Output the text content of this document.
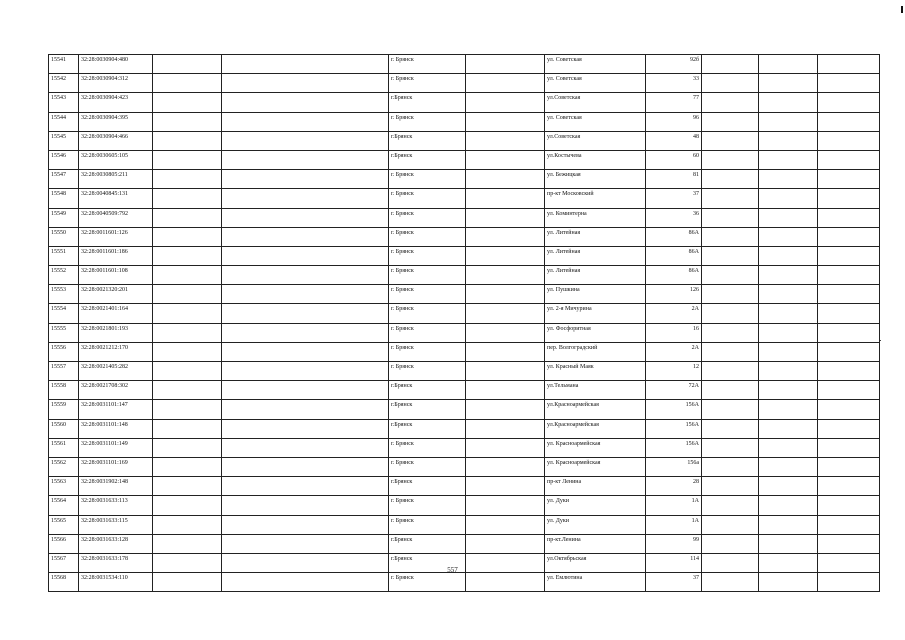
15541	32:28:0030904:480			г. Брянск		ул. Советская	92б			
15542	32:28:0030904:312			г. Брянск		ул. Советская	33			
15543	32:28:0030904:423			г.Брянск		ул.Советская	77			
15544	32:28:0030904:395			г. Брянск		ул. Советская	96			
15545	32:28:0030904:466			г.Брянск		ул.Советская	48			
15546	32:28:0030605:105			г.Брянск		ул.Костычева	60			
15547	32:28:0030805:211			г. Брянск		ул. Бежицкая	81			
15548	32:28:0040845:131			г. Брянск		пр-кт Московский	37			
15549	32:28:0040509:792			г. Брянск		ул. Коминтерна	36			
15550	32:28:0011601:126			г. Брянск		ул. Литейная	86А			
15551	32:28:0011601:186			г. Брянск		ул. Литейная	86А			
15552	32:28:0011601:108			г. Брянск		ул. Литейная	86А			
15553	32:28:0021320:201			г. Брянск		ул. Пушкина	126			
15554	32:28:0021401:164			г. Брянск		ул. 2-я Мичурина	2А			
15555	32:28:0021801:193			г. Брянск		ул. Фосфоритная	16			
15556	32:28:0021212:170			г. Брянск		пер. Волгоградский	2А			
15557	32:28:0021405:282			г. Брянск		ул. Красный Маяк	12			
15558	32:28:0021708:302			г.Брянск		ул.Тельмана	72А			
15559	32:28:0031101:147			г.Брянск		ул.Красноармейская	156А			
15560	32:28:0031101:148			г.Брянск		ул.Красноармейская	156А			
15561	32:28:0031101:149			г. Брянск		ул. Красноармейская	156А			
15562	32:28:0031101:169			г. Брянск		ул. Красноармейская	156а			
15563	32:28:0031902:148			г.Брянск		пр-кт Ленина	28			
15564	32:28:0031633:113			г. Брянск		ул. Дуки	1А			
15565	32:28:0031633:115			г. Брянск		ул. Дуки	1А			
15566	32:28:0031633:128			г.Брянск		пр-кт.Ленина	99			
15567	32:28:0031633:178			г.Брянск		ул.Октябрьская	114			
15568	32:28:0031534:110			г. Брянск		ул. Емлютина	37			
557
